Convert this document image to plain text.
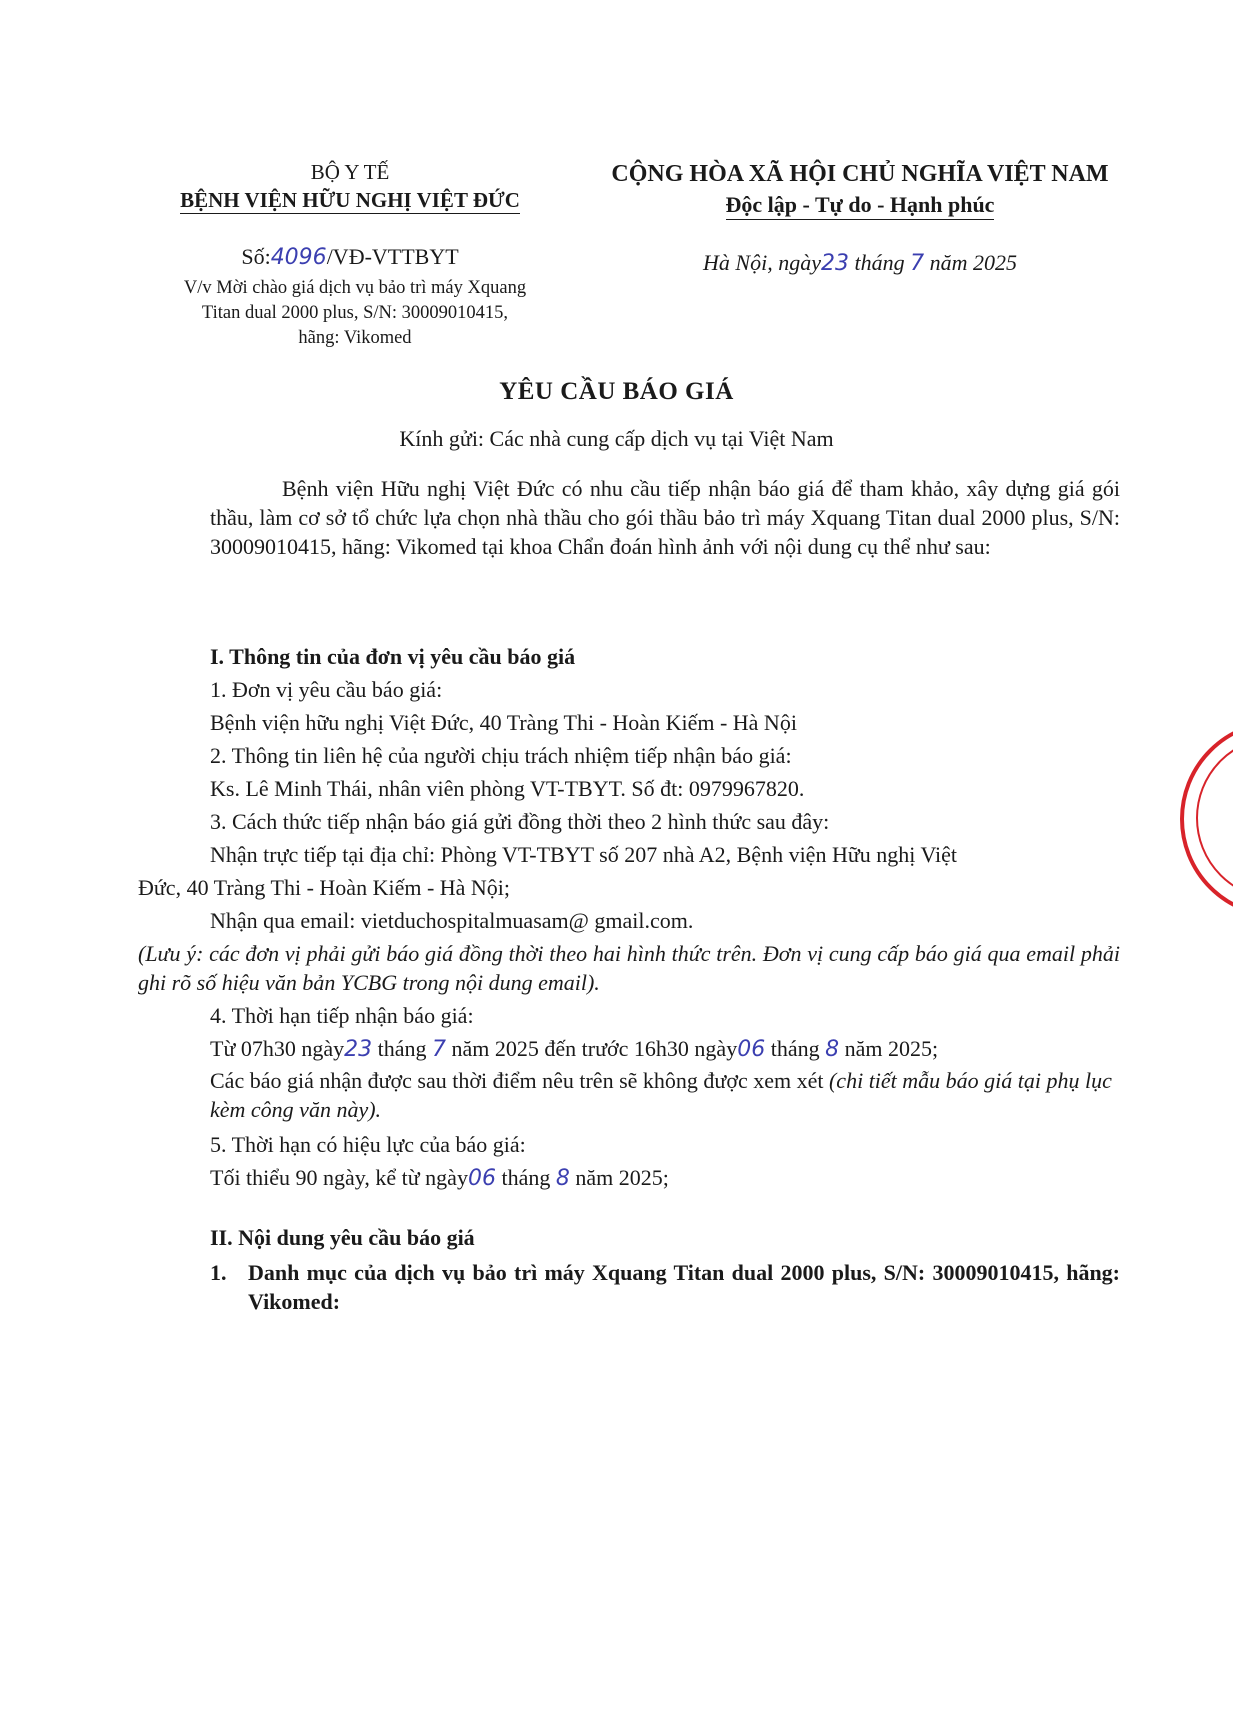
BỘ Y TẾ
BỆNH VIỆN HỮU NGHỊ VIỆT ĐỨC
Số:4096/VĐ-VTTBYT
V/v Mời chào giá dịch vụ bảo trì máy Xquang
Titan dual 2000 plus, S/N: 30009010415,
hãng: Vikomed
CỘNG HÒA XÃ HỘI CHỦ NGHĨA VIỆT NAM
Độc lập - Tự do - Hạnh phúc
Hà Nội, ngày23 tháng 7 năm 2025
YÊU CẦU BÁO GIÁ
Kính gửi: Các nhà cung cấp dịch vụ tại Việt Nam
Bệnh viện Hữu nghị Việt Đức có nhu cầu tiếp nhận báo giá để tham khảo, xây dựng giá gói thầu, làm cơ sở tổ chức lựa chọn nhà thầu cho gói thầu bảo trì máy Xquang Titan dual 2000 plus, S/N: 30009010415, hãng: Vikomed tại khoa Chẩn đoán hình ảnh với nội dung cụ thể như sau:

I. Thông tin của đơn vị yêu cầu báo giá

1. Đơn vị yêu cầu báo giá:

Bệnh viện hữu nghị Việt Đức, 40 Tràng Thi - Hoàn Kiếm - Hà Nội

2. Thông tin liên hệ của người chịu trách nhiệm tiếp nhận báo giá:

Ks. Lê Minh Thái, nhân viên phòng VT-TBYT. Số đt: 0979967820.

3. Cách thức tiếp nhận báo giá gửi đồng thời theo 2 hình thức sau đây:

Nhận trực tiếp tại địa chỉ: Phòng VT-TBYT số 207 nhà A2, Bệnh viện Hữu nghị Việt

Đức, 40 Tràng Thi - Hoàn Kiếm - Hà Nội;

Nhận qua email: vietduchospitalmuasam@ gmail.com.

(Lưu ý: các đơn vị phải gửi báo giá đồng thời theo hai hình thức trên. Đơn vị cung cấp báo giá qua email phải ghi rõ số hiệu văn bản YCBG trong nội dung email).

4. Thời hạn tiếp nhận báo giá:

Từ 07h30 ngày23 tháng 7 năm 2025 đến trước 16h30 ngày06 tháng 8 năm 2025;

Các báo giá nhận được sau thời điểm nêu trên sẽ không được xem xét (chi tiết mẫu báo giá tại phụ lục kèm công văn này).

5. Thời hạn có hiệu lực của báo giá:

Tối thiểu 90 ngày, kể từ ngày06 tháng 8 năm 2025;

II. Nội dung yêu cầu báo giá

1. Danh mục của dịch vụ bảo trì máy Xquang Titan dual 2000 plus, S/N: 30009010415, hãng: Vikomed:
